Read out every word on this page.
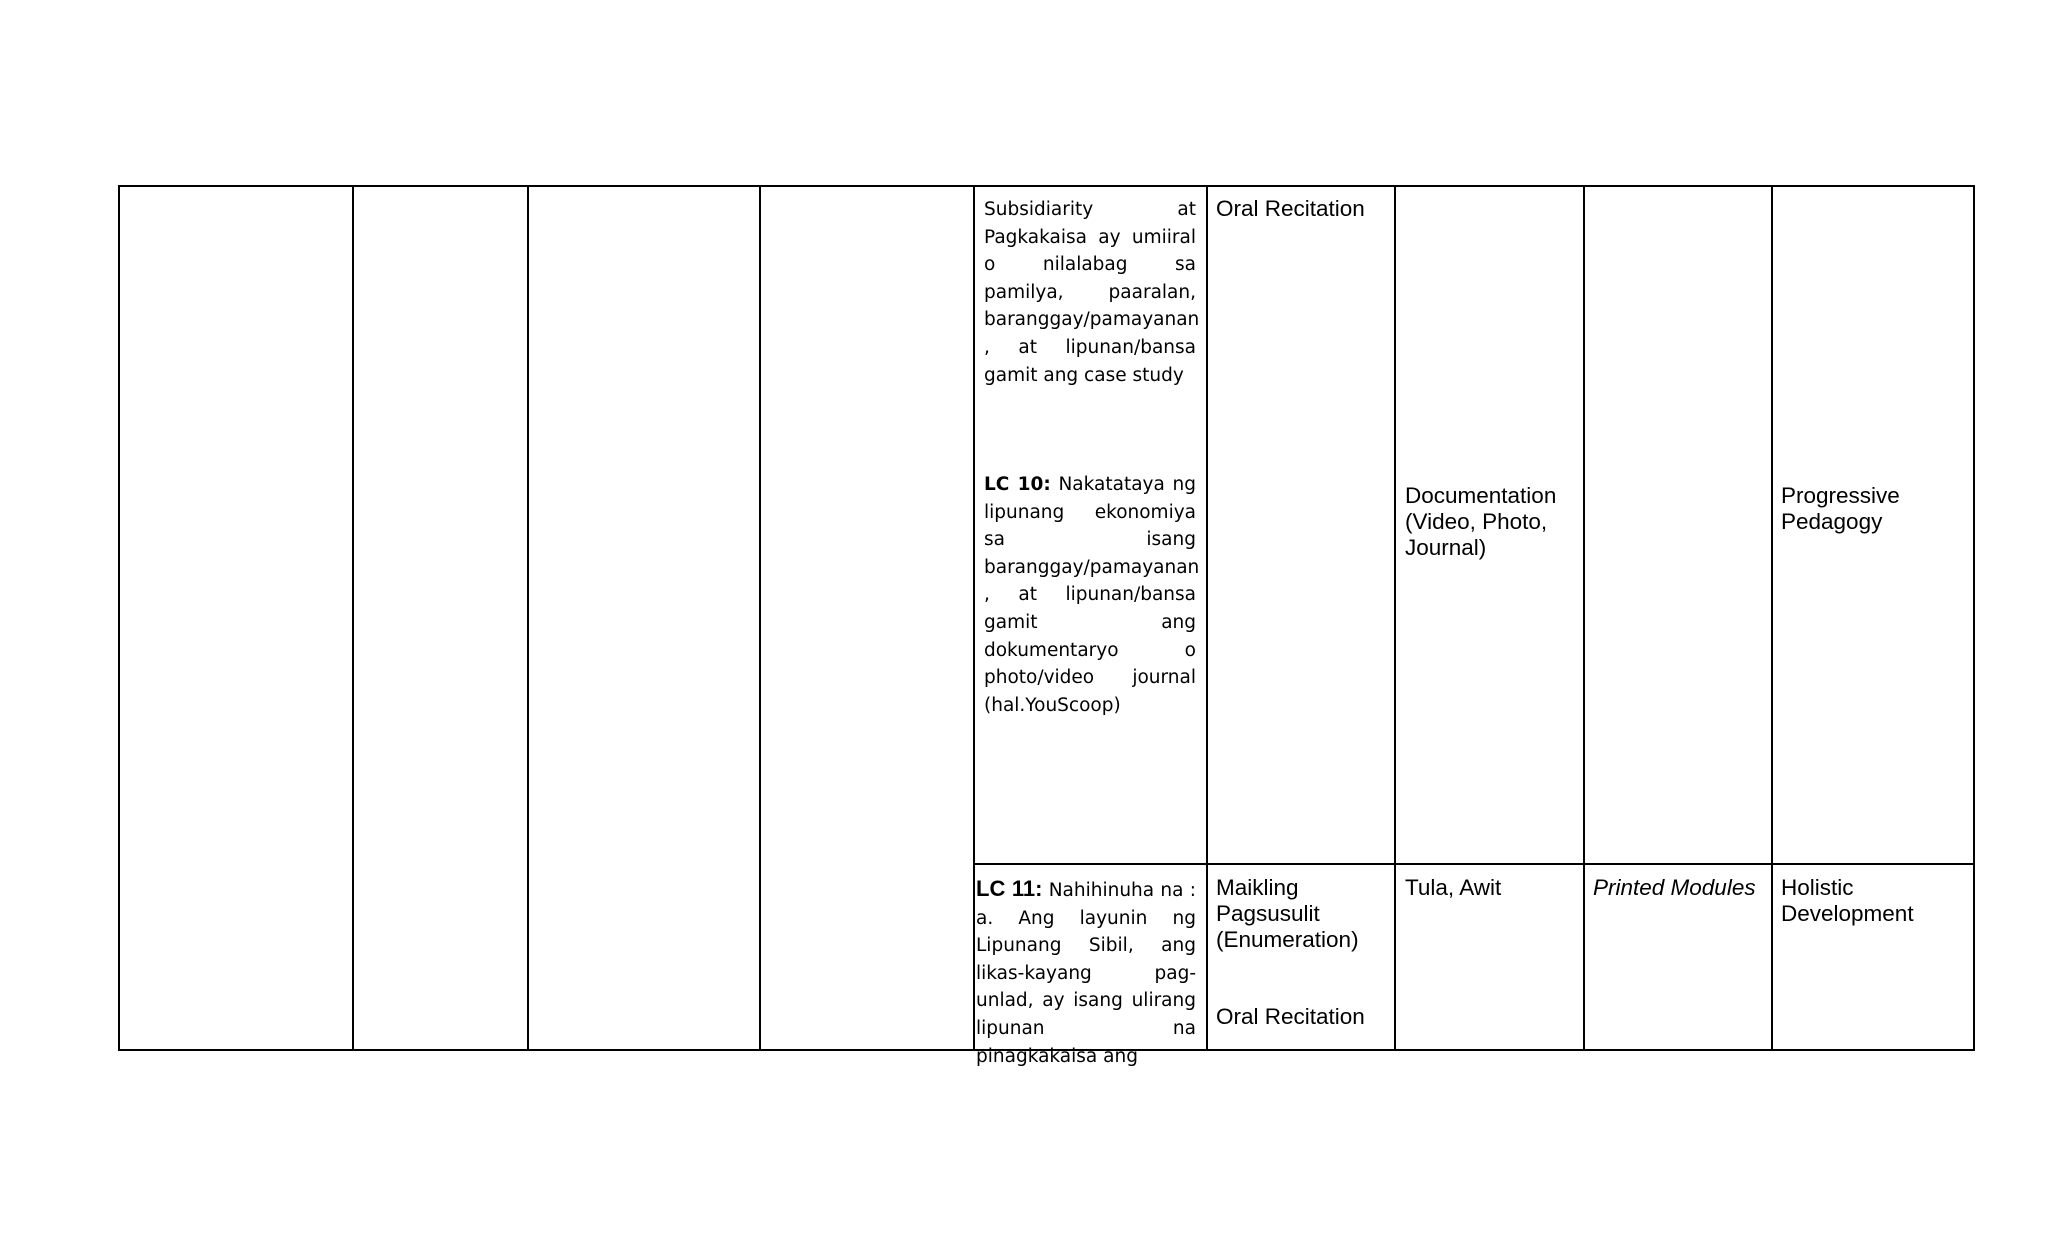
Subsidiarity at Pagkakaisa ay umiiral o nilalabag sa pamilya, paaralan, baranggay/pamayanan , at lipunan/bansa gamit ang case study
LC 10: Nakatataya ng lipunang ekonomiya sa isang baranggay/pamayanan , at lipunan/bansa gamit ang dokumentaryo o photo/video journal (hal.YouScoop)
LC 11: Nahihinuha na : a. Ang layunin ng Lipunang Sibil, ang likas-kayang pag-unlad, ay isang ulirang lipunan na pinagkakaisa ang
Oral Recitation
Maikling Pagsusulit (Enumeration)
Oral Recitation
Documentation (Video, Photo, Journal)
Tula, Awit	Printed Modules
Progressive Pedagogy
Holistic Development
